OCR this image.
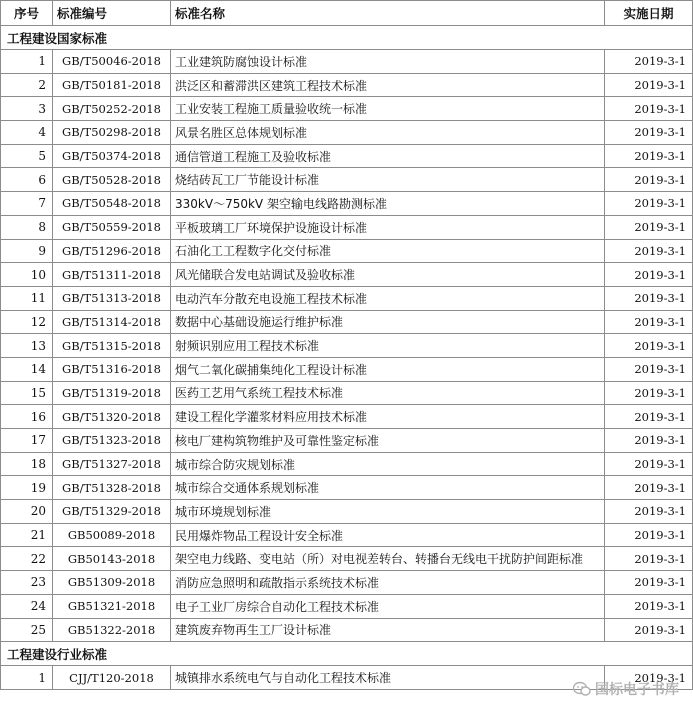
序号	标准编号	标准名称	实施日期
工程建设国家标准			
1	GB/T50046-2018	工业建筑防腐蚀设计标准	2019-3-1
2	GB/T50181-2018	洪泛区和蓄滞洪区建筑工程技术标准	2019-3-1
3	GB/T50252-2018	工业安装工程施工质量验收统一标准	2019-3-1
4	GB/T50298-2018	风景名胜区总体规划标准	2019-3-1
5	GB/T50374-2018	通信管道工程施工及验收标准	2019-3-1
6	GB/T50528-2018	烧结砖瓦工厂节能设计标准	2019-3-1
7	GB/T50548-2018	330kV～750kV 架空输电线路勘测标准	2019-3-1
8	GB/T50559-2018	平板玻璃工厂环境保护设施设计标准	2019-3-1
9	GB/T51296-2018	石油化工工程数字化交付标准	2019-3-1
10	GB/T51311-2018	风光储联合发电站调试及验收标准	2019-3-1
11	GB/T51313-2018	电动汽车分散充电设施工程技术标准	2019-3-1
12	GB/T51314-2018	数据中心基础设施运行维护标准	2019-3-1
13	GB/T51315-2018	射频识别应用工程技术标准	2019-3-1
14	GB/T51316-2018	烟气二氧化碳捕集纯化工程设计标准	2019-3-1
15	GB/T51319-2018	医药工艺用气系统工程技术标准	2019-3-1
16	GB/T51320-2018	建设工程化学灌浆材料应用技术标准	2019-3-1
17	GB/T51323-2018	核电厂建构筑物维护及可靠性鉴定标准	2019-3-1
18	GB/T51327-2018	城市综合防灾规划标准	2019-3-1
19	GB/T51328-2018	城市综合交通体系规划标准	2019-3-1
20	GB/T51329-2018	城市环境规划标准	2019-3-1
21	GB50089-2018	民用爆炸物品工程设计安全标准	2019-3-1
22	GB50143-2018	架空电力线路、变电站（所）对电视差转台、转播台无线电干扰防护间距标准	2019-3-1
23	GB51309-2018	消防应急照明和疏散指示系统技术标准	2019-3-1
24	GB51321-2018	电子工业厂房综合自动化工程技术标准	2019-3-1
25	GB51322-2018	建筑废弃物再生工厂设计标准	2019-3-1
工程建设行业标准			
1	CJJ/T120-2018	城镇排水系统电气与自动化工程技术标准	2019-3-1
国标电子书库
